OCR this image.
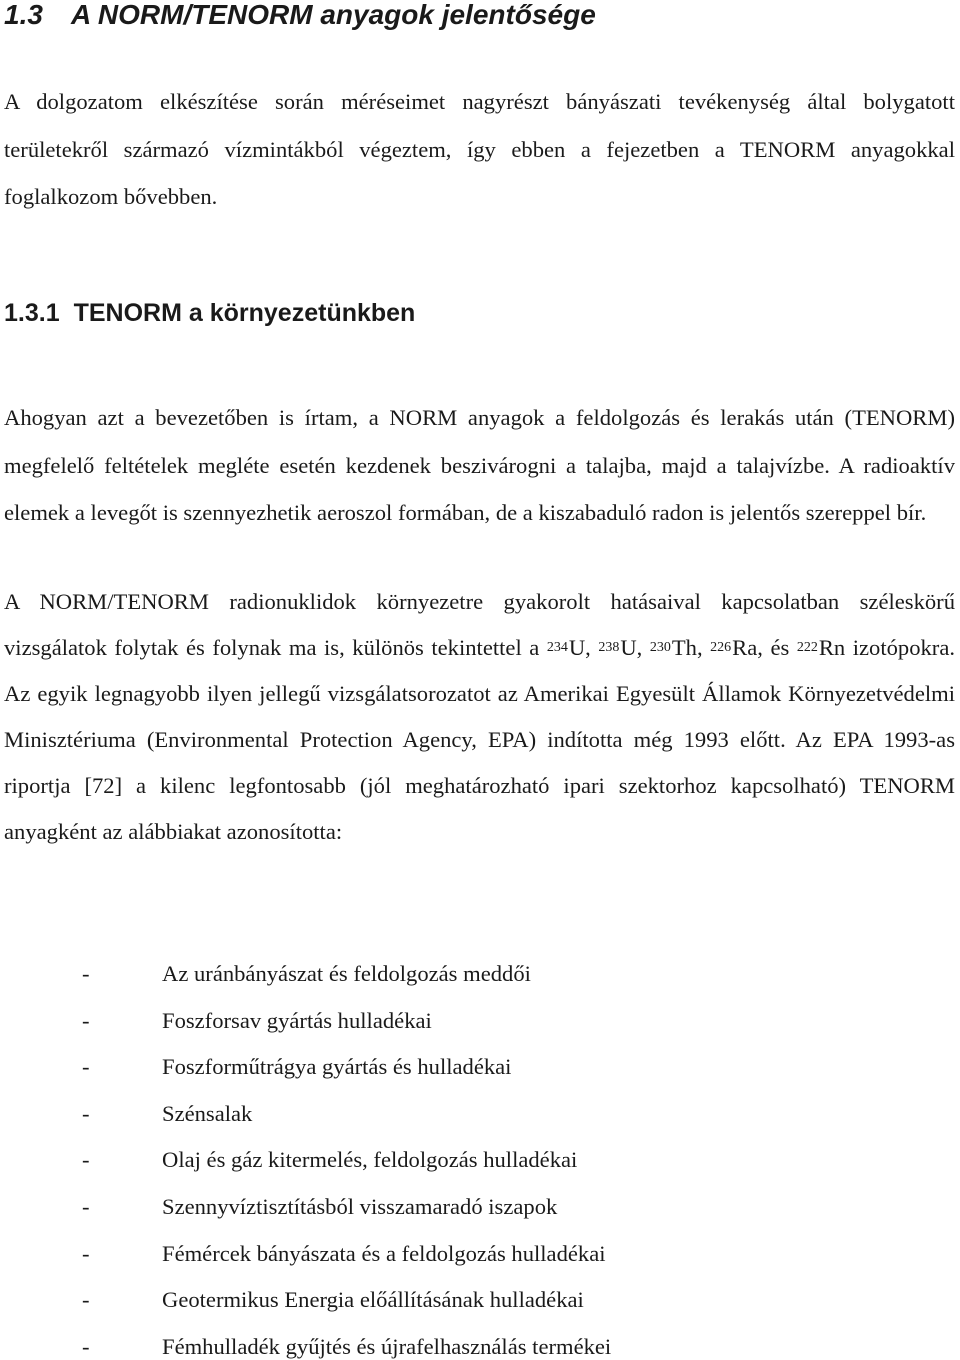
1.3 A NORM/TENORM anyagok jelentősége

A dolgozatom elkészítése során méréseimet nagyrészt bányászati tevékenység által bolygatott területekről származó vízmintákból végeztem, így ebben a fejezetben a TENORM anyagokkal foglalkozom bővebben.

1.3.1 TENORM a környezetünkben

Ahogyan azt a bevezetőben is írtam, a NORM anyagok a feldolgozás és lerakás után (TENORM) megfelelő feltételek megléte esetén kezdenek beszivárogni a talajba, majd a talajvízbe. A radioaktív elemek a levegőt is szennyezhetik aeroszol formában, de a kiszabaduló radon is jelentős szereppel bír.

A NORM/TENORM radionuklidok környezetre gyakorolt hatásaival kapcsolatban széleskörű vizsgálatok folytak és folynak ma is, különös tekintettel a $^{234}$U, $^{238}$U, $^{230}$Th, $^{226}$Ra, és $^{222}$Rn izotópokra. Az egyik legnagyobb ilyen jellegű vizsgálatsorozatot az Amerikai Egyesült Államok Környezetvédelmi Minisztériuma (Environmental Protection Agency, EPA) indította még 1993 előtt. Az EPA 1993-as riportja [72] a kilenc legfontosabb (jól meghatározható ipari szektorhoz kapcsolható) TENORM anyagként az alábbiakat azonosította:

-	Az uránbányászat és feldolgozás meddői
-	Foszforsav gyártás hulladékai
-	Foszforműtrágya gyártás és hulladékai
-	Szénsalak
-	Olaj és gáz kitermelés, feldolgozás hulladékai
-	Szennyvíztisztításból visszamaradó iszapok
-	Fémércek bányászata és a feldolgozás hulladékai
-	Geotermikus Energia előállításának hulladékai
-	Fémhulladék gyűjtés és újrafelhasználás termékei
